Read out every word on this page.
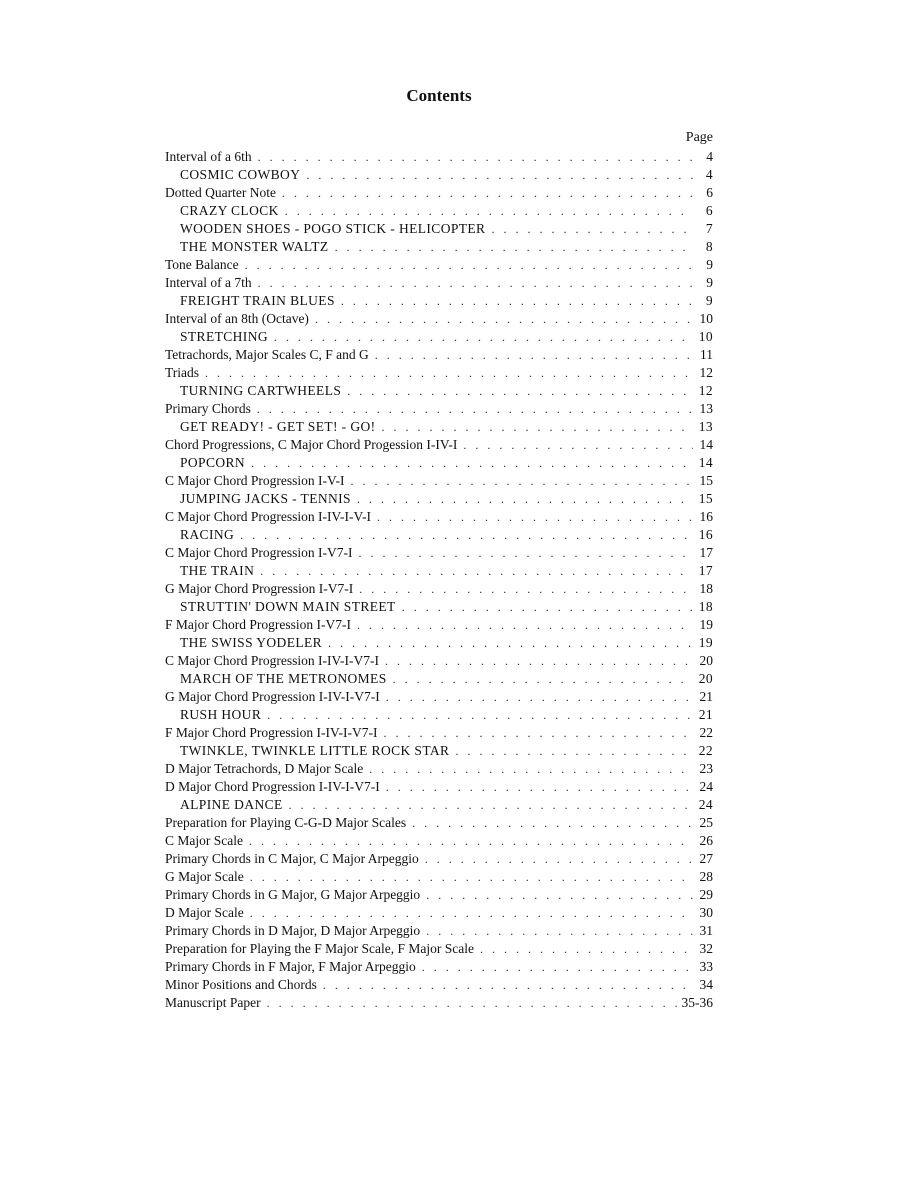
Contents
Page
Interval of a 6th . . .	4
COSMIC COWBOY . . .	4
Dotted Quarter Note . . .	6
CRAZY CLOCK . . .	6
WOODEN SHOES - POGO STICK - HELICOPTER . . .	7
THE MONSTER WALTZ . . .	8
Tone Balance . . .	9
Interval of a 7th . . .	9
FREIGHT TRAIN BLUES . . .	9
Interval of an 8th (Octave) . . .	10
STRETCHING . . .	10
Tetrachords, Major Scales C, F and G . . .	11
Triads . . .	12
TURNING CARTWHEELS . . .	12
Primary Chords . . .	13
GET READY! - GET SET! - GO! . . .	13
Chord Progressions, C Major Chord Progession I-IV-I . . .	14
POPCORN . . .	14
C Major Chord Progression I-V-I . . .	15
JUMPING JACKS - TENNIS . . .	15
C Major Chord Progression I-IV-I-V-I . . .	16
RACING . . .	16
C Major Chord Progression I-V7-I . . .	17
THE TRAIN . . .	17
G Major Chord Progression I-V7-I . . .	18
STRUTTIN' DOWN MAIN STREET . . .	18
F Major Chord Progression I-V7-I . . .	19
THE SWISS YODELER . . .	19
C Major Chord Progression I-IV-I-V7-I . . .	20
MARCH OF THE METRONOMES . . .	20
G Major Chord Progression I-IV-I-V7-I . . .	21
RUSH HOUR . . .	21
F Major Chord Progression I-IV-I-V7-I . . .	22
TWINKLE, TWINKLE LITTLE ROCK STAR . . .	22
D Major Tetrachords, D Major Scale . . .	23
D Major Chord Progression I-IV-I-V7-I . . .	24
ALPINE DANCE . . .	24
Preparation for Playing C-G-D Major Scales . . .	25
C Major Scale . . .	26
Primary Chords in C Major, C Major Arpeggio . . .	27
G Major Scale . . .	28
Primary Chords in G Major, G Major Arpeggio . . .	29
D Major Scale . . .	30
Primary Chords in D Major, D Major Arpeggio . . .	31
Preparation for Playing the F Major Scale, F Major Scale . . .	32
Primary Chords in F Major, F Major Arpeggio . . .	33
Minor Positions and Chords . . .	34
Manuscript Paper . . .	35-36
